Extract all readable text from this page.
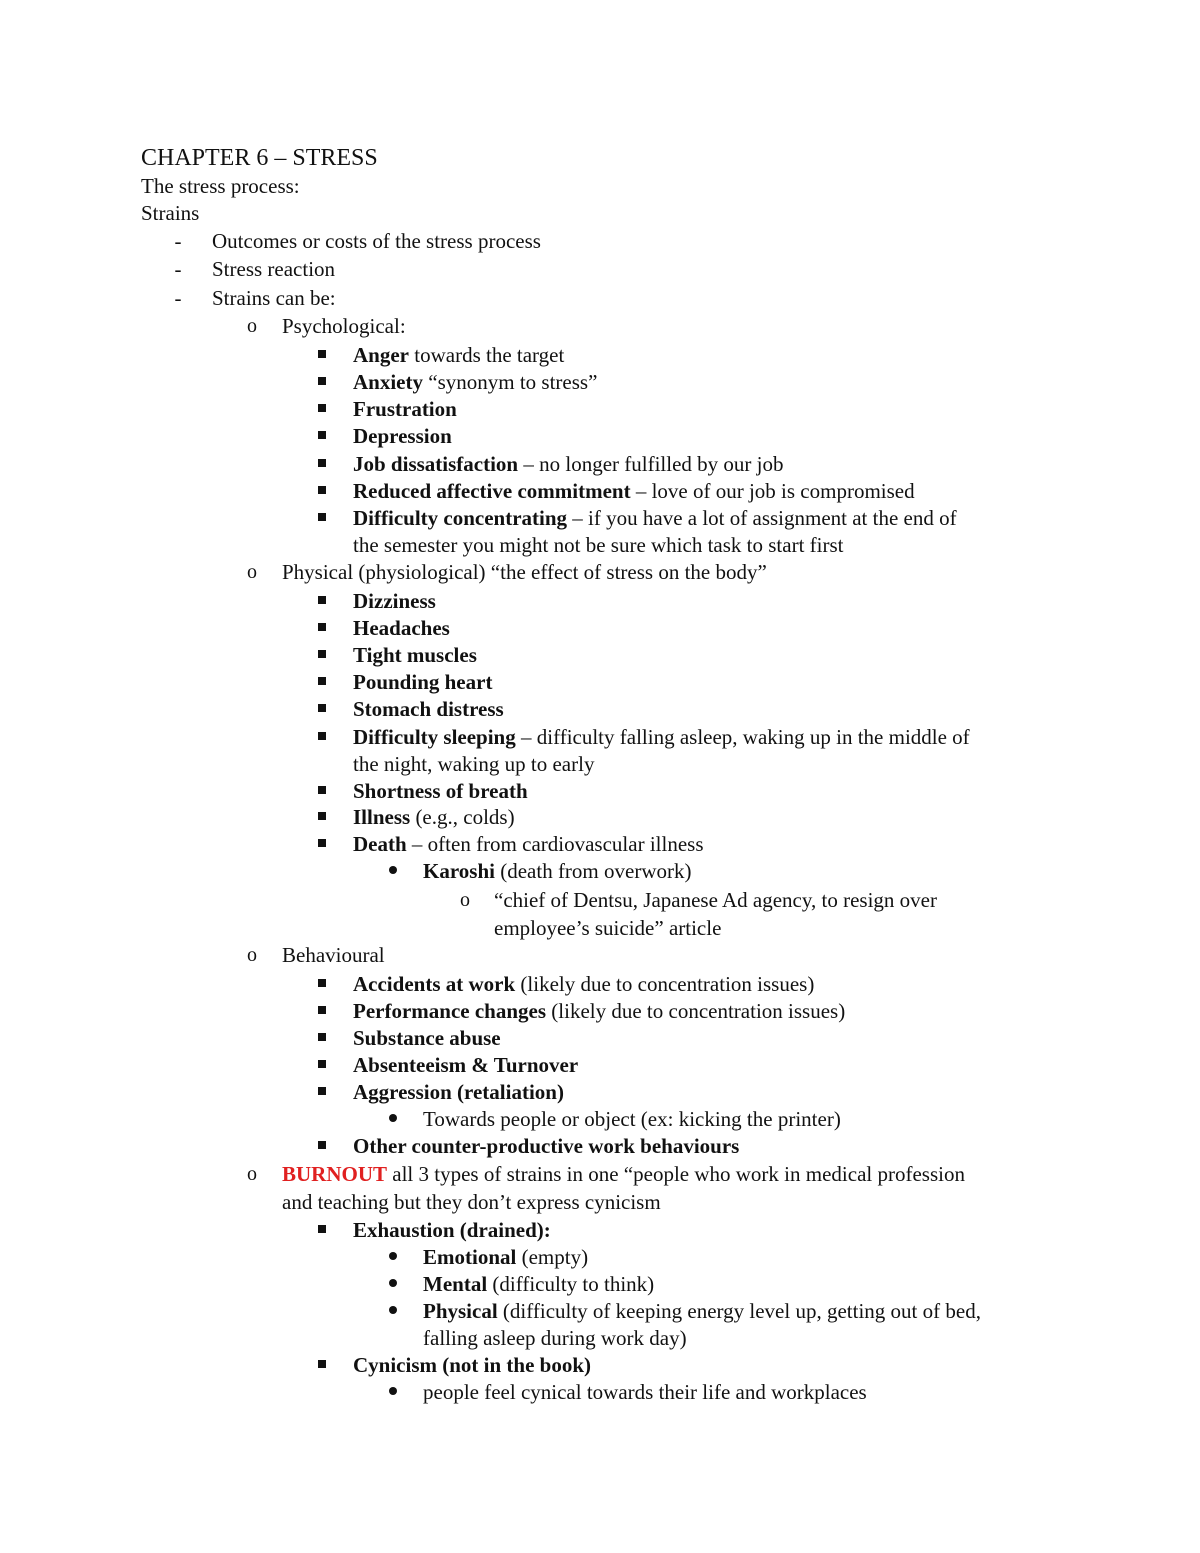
CHAPTER 6 – STRESS
The stress process:
Strains
-	Outcomes or costs of the stress process
-	Stress reaction
-	Strains can be:
o Psychological:
Anger towards the target
Anxiety “synonym to stress”
Frustration
Depression
Job dissatisfaction – no longer fulfilled by our job
Reduced affective commitment – love of our job is compromised
Difficulty concentrating – if you have a lot of assignment at the end of
the semester you might not be sure which task to start first
o Physical (physiological) “the effect of stress on the body”
Dizziness
Headaches
Tight muscles
Pounding heart
Stomach distress
Difficulty sleeping – difficulty falling asleep, waking up in the middle of
the night, waking up to early
Shortness of breath
Illness (e.g., colds)
Death – often from cardiovascular illness
Karoshi (death from overwork)
o “chief of Dentsu, Japanese Ad agency, to resign over
employee’s suicide” article
o Behavioural
Accidents at work (likely due to concentration issues)
Performance changes (likely due to concentration issues)
Substance abuse
Absenteeism & Turnover
Aggression (retaliation)
Towards people or object (ex: kicking the printer)
Other counter-productive work behaviours
o BURNOUT all 3 types of strains in one “people who work in medical profession
and teaching but they don’t express cynicism
Exhaustion (drained):
Emotional (empty)
Mental (difficulty to think)
Physical (difficulty of keeping energy level up, getting out of bed,
falling asleep during work day)
Cynicism (not in the book)
people feel cynical towards their life and workplaces
